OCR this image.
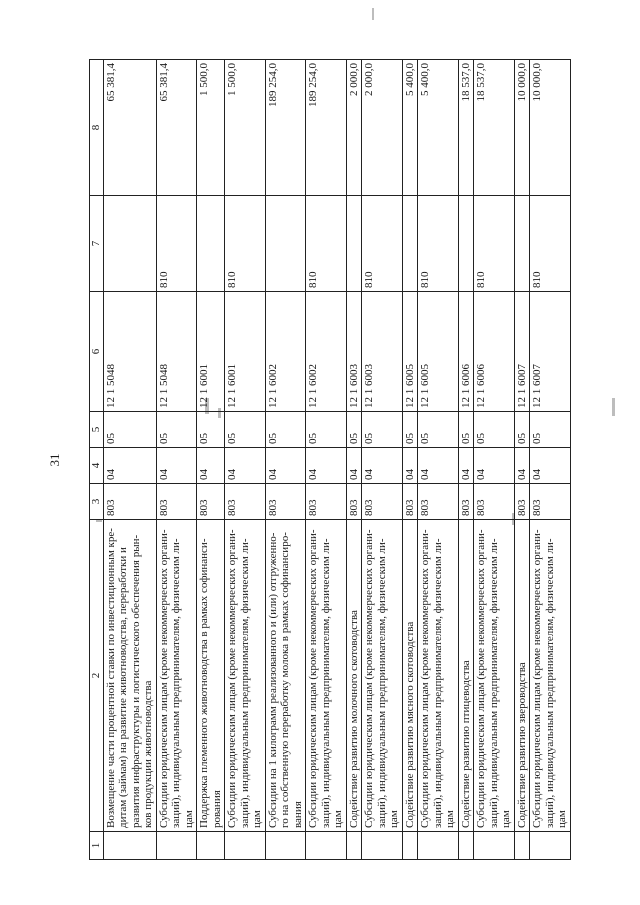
31
1	2	3	4	5	6	7	8
	Возмещение части процентной ставки по инвестиционным кре-
дитам (займам) на развитие животноводства, переработки и
развития инфраструктуры и логистического обеспечения рын-
ков продукции животноводства	803	04	05	12 1 5048		65 381,4
	Субсидии юридическим лицам (кроме некоммерческих органи-
заций), индивидуальным предпринимателям, физическим ли-
цам	803	04	05	12 1 5048	810	65 381,4
	Поддержка племенного животноводства в рамках софинанси-
рования	803	04	05	12 1 6001		1 500,0
	Субсидии юридическим лицам (кроме некоммерческих органи-
заций), индивидуальным предпринимателям, физическим ли-
цам	803	04	05	12 1 6001	810	1 500,0
	Субсидии на 1 килограмм реализованного и (или) отгруженно-
го на собственную переработку молока в рамках софинансиро-
вания	803	04	05	12 1 6002		189 254,0
	Субсидии юридическим лицам (кроме некоммерческих органи-
заций), индивидуальным предпринимателям, физическим ли-
цам	803	04	05	12 1 6002	810	189 254,0
	Содействие развитию молочного скотоводства	803	04	05	12 1 6003		2 000,0
	Субсидии юридическим лицам (кроме некоммерческих органи-
заций), индивидуальным предпринимателям, физическим ли-
цам	803	04	05	12 1 6003	810	2 000,0
	Содействие развитию мясного скотоводства	803	04	05	12 1 6005		5 400,0
	Субсидии юридическим лицам (кроме некоммерческих органи-
заций), индивидуальным предпринимателям, физическим ли-
цам	803	04	05	12 1 6005	810	5 400,0
	Содействие развитию птицеводства	803	04	05	12 1 6006		18 537,0
	Субсидии юридическим лицам (кроме некоммерческих органи-
заций), индивидуальным предпринимателям, физическим ли-
цам	803	04	05	12 1 6006	810	18 537,0
	Содействие развитию звероводства	803	04	05	12 1 6007		10 000,0
	Субсидии юридическим лицам (кроме некоммерческих органи-
заций), индивидуальным предпринимателям, физическим ли-
цам	803	04	05	12 1 6007	810	10 000,0
